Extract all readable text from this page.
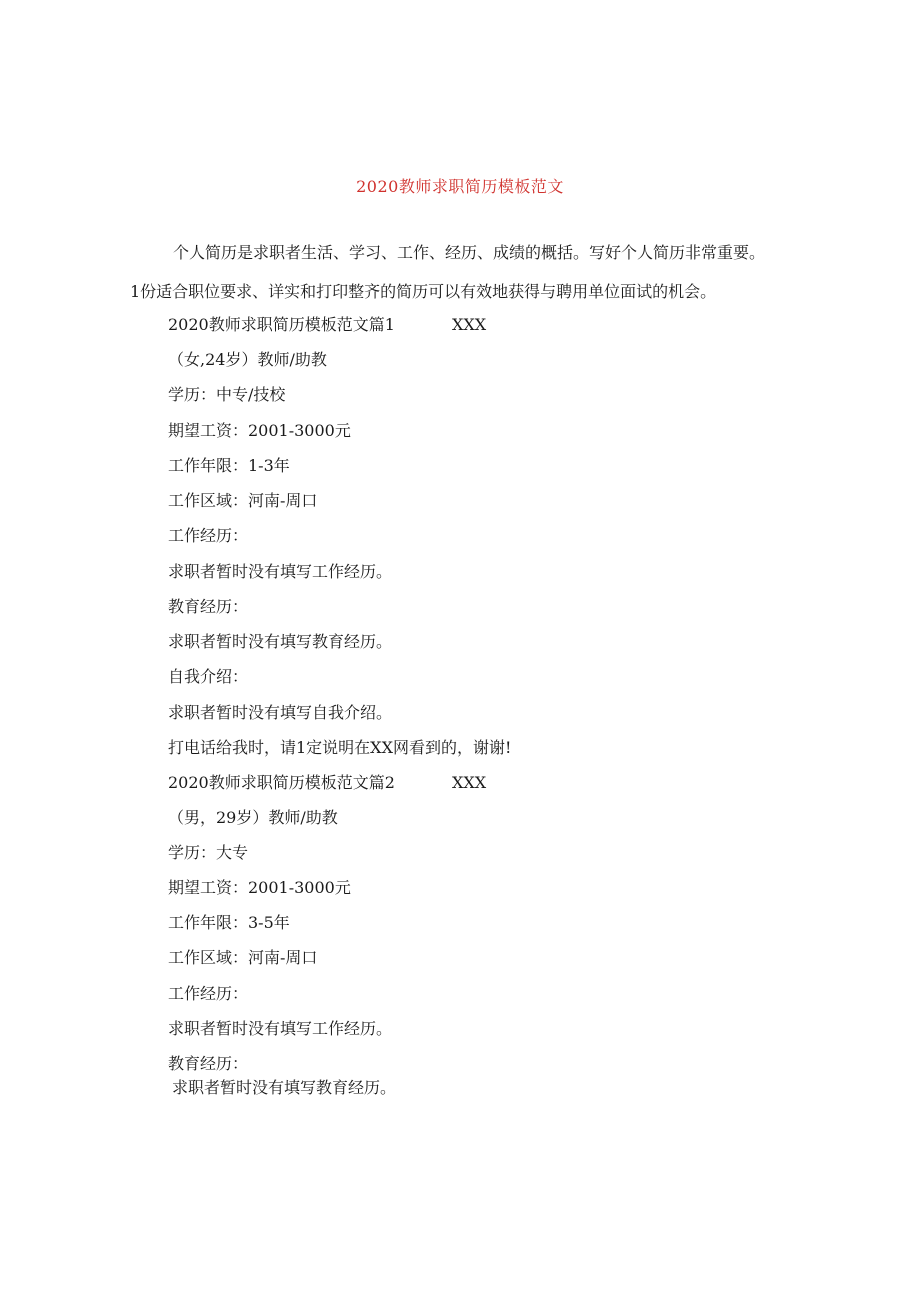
2020教师求职简历模板范文
个人简历是求职者生活、学习、工作、经历、成绩的概括。写好个人简历非常重要。
1份适合职位要求、详实和打印整齐的简历可以有效地获得与聘用单位面试的机会。
2020教师求职简历模板范文篇1	XXX
（女,24岁）教师/助教
学历：中专/技校
期望工资：2001-3000元
工作年限：1-3年
工作区域：河南-周口
工作经历：
求职者暂时没有填写工作经历。
教育经历：
求职者暂时没有填写教育经历。
自我介绍：
求职者暂时没有填写自我介绍。
打电话给我时，请1定说明在XX网看到的，谢谢!
2020教师求职简历模板范文篇2	XXX
（男，29岁）教师/助教
学历：大专
期望工资：2001-3000元
工作年限：3-5年
工作区域：河南-周口
工作经历：
求职者暂时没有填写工作经历。
教育经历：
求职者暂时没有填写教育经历。
